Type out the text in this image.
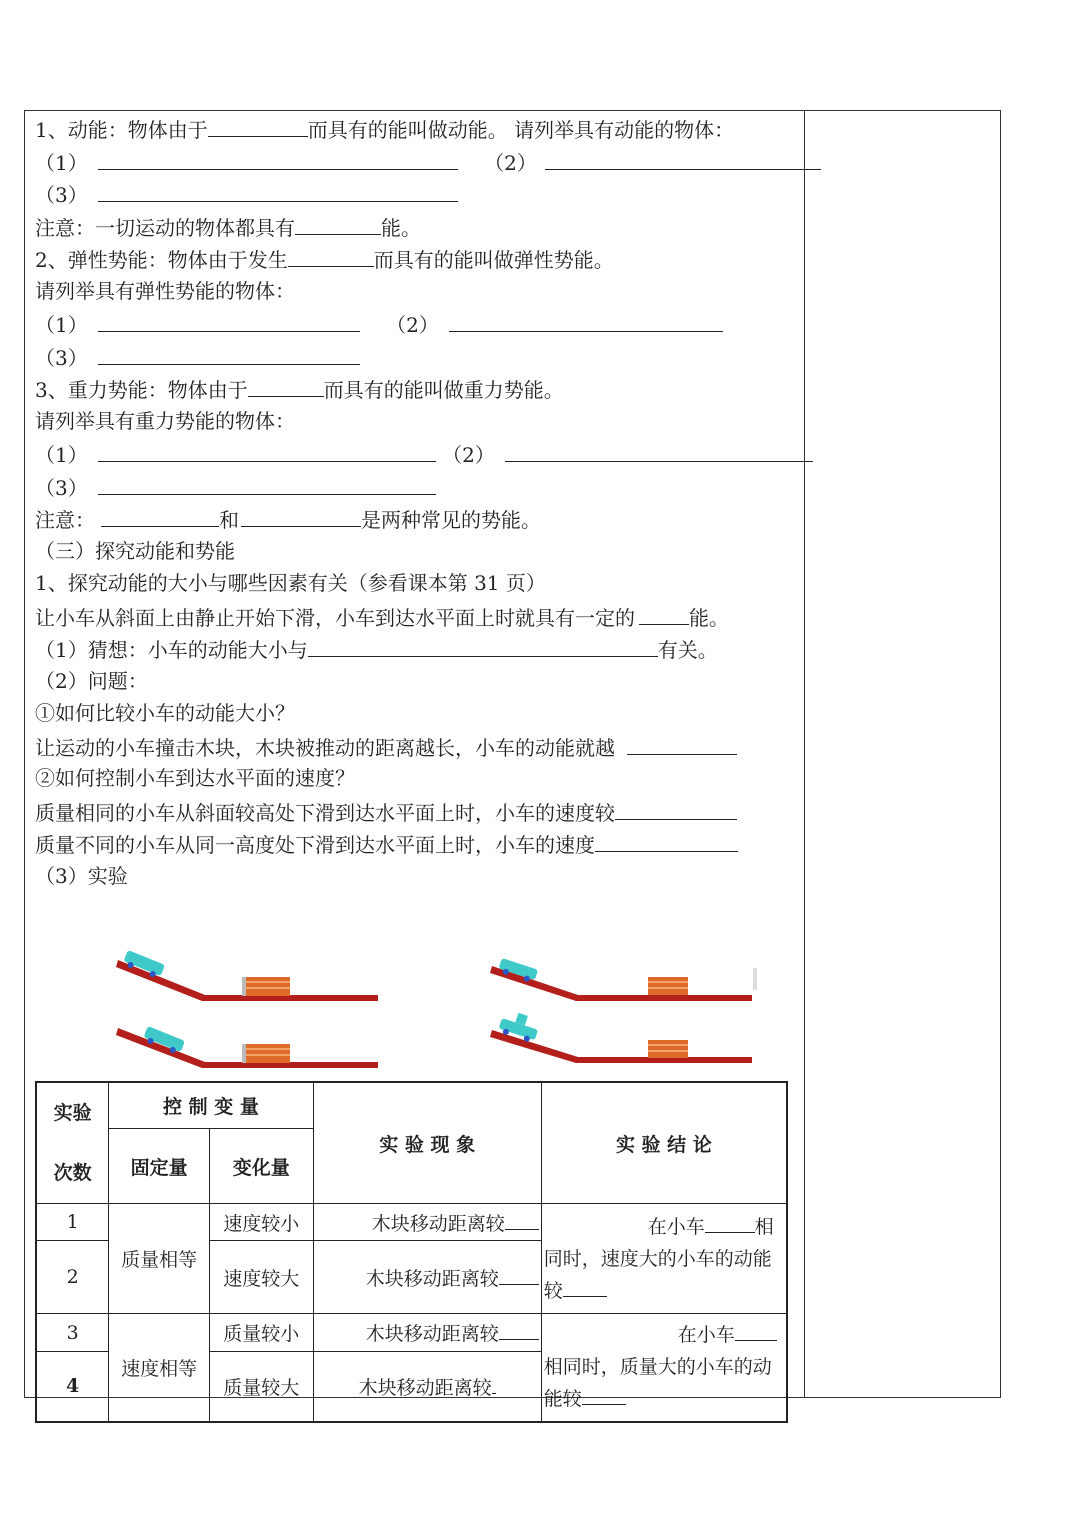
1、动能：物体由于	而具有的能叫做动能。 请列举具有动能的物体：
（1）	（2）
（3）
注意：一切运动的物体都具有	能。
2、弹性势能：物体由于发生	而具有的能叫做弹性势能。
请列举具有弹性势能的物体：
（1）	（2）
（3）
3、重力势能：物体由于	而具有的能叫做重力势能。
请列举具有重力势能的物体：
（1）	（2）
（3）
注意：	和	是两种常见的势能。
（三）探究动能和势能
1、探究动能的大小与哪些因素有关（参看课本第 31 页）
让小车从斜面上由静止开始下滑，小车到达水平面上时就具有一定的	能。
（1）猜想：小车的动能大小与	有关。
（2）问题：
①如何比较小车的动能大小？
让运动的小车撞击木块，木块被推动的距离越长，小车的动能就越
②如何控制小车到达水平面的速度？
质量相同的小车从斜面较高处下滑到达水平面上时，小车的速度较
质量不同的小车从同一高度处下滑到达水平面上时，小车的速度
（3）实验
实验
次数	控 制 变 量		实 验 现 象	实 验 结 论
	固定量	变化量		
1	质量相等	速度较小	木块移动距离较	在小车 相
同时，速度大的小车的动能
较

2		速度较大	木块移动距离较	
3	速度相等	质量较小	木块移动距离较	在小车
相同时，质量大的小车的动
能较

4		质量较大	木块移动距离较	
